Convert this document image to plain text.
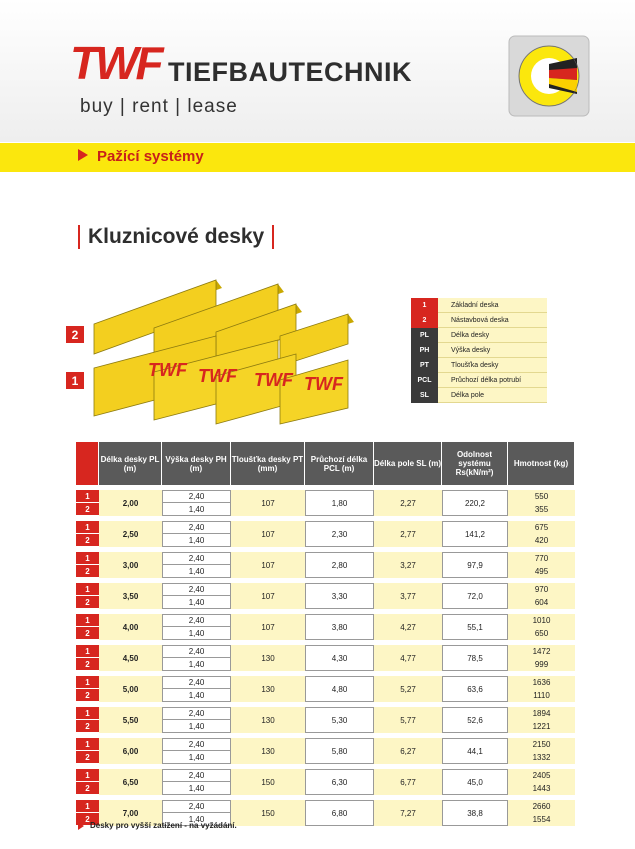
TWF TIEFBAUTECHNIK
buy | rent | lease
Pažící systémy
Kluznicové desky
TWF TWF TWF TWF
2
1
1	Základní deska
2	Nástavbová deska
PL	Délka desky
PH	Výška desky
PT	Tloušťka desky
PCL	Průchozí délka potrubí
SL	Délka pole
	Délka desky PL (m)	Výška desky PH (m)	Tloušťka desky PT (mm)	Průchozí délka PCL (m)	Délka pole SL (m)	Odolnost systému Rs(kN/m²)	Hmotnost (kg)

1	2,00	2,40	107	1,80	2,27	220,2	550
2		1,40					355

1	2,50	2,40	107	2,30	2,77	141,2	675
2		1,40					420

1	3,00	2,40	107	2,80	3,27	97,9	770
2		1,40					495

1	3,50	2,40	107	3,30	3,77	72,0	970
2		1,40					604

1	4,00	2,40	107	3,80	4,27	55,1	1010
2		1,40					650

1	4,50	2,40	130	4,30	4,77	78,5	1472
2		1,40					999

1	5,00	2,40	130	4,80	5,27	63,6	1636
2		1,40					1110

1	5,50	2,40	130	5,30	5,77	52,6	1894
2		1,40					1221

1	6,00	2,40	130	5,80	6,27	44,1	2150
2		1,40					1332

1	6,50	2,40	150	6,30	6,77	45,0	2405
2		1,40					1443

1	7,00	2,40	150	6,80	7,27	38,8	2660
2		1,40					1554
Desky pro vyšší zatížení - na vyžádání.
